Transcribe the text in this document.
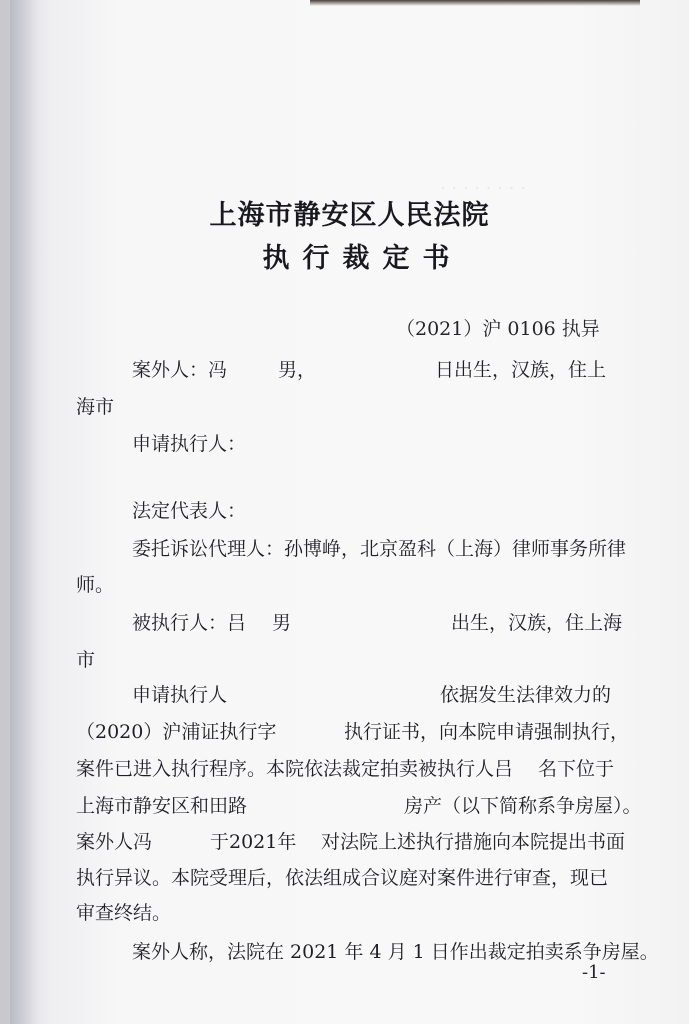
· · · · · · · ·
上海市静安区人民法院
执行裁定书
（2021）沪 0106 执异
案外人：冯	男，	日出生，汉族，住上
海市
申请执行人：
法定代表人：
委托诉讼代理人：孙博峥，北京盈科（上海）律师事务所律
师。
被执行人：吕 男	出生，汉族，住上海
市
申请执行人	依据发生法律效力的
（2020）沪浦证执行字	执行证书，向本院申请强制执行，
案件已进入执行程序。本院依法裁定拍卖被执行人吕 名下位于
上海市静安区和田路	房产（以下简称系争房屋）。
案外人冯	于2021年 对法院上述执行措施向本院提出书面
执行异议。本院受理后，依法组成合议庭对案件进行审查，现已
审查终结。
案外人称，法院在 2021 年 4 月 1 日作出裁定拍卖系争房屋。
-1-
